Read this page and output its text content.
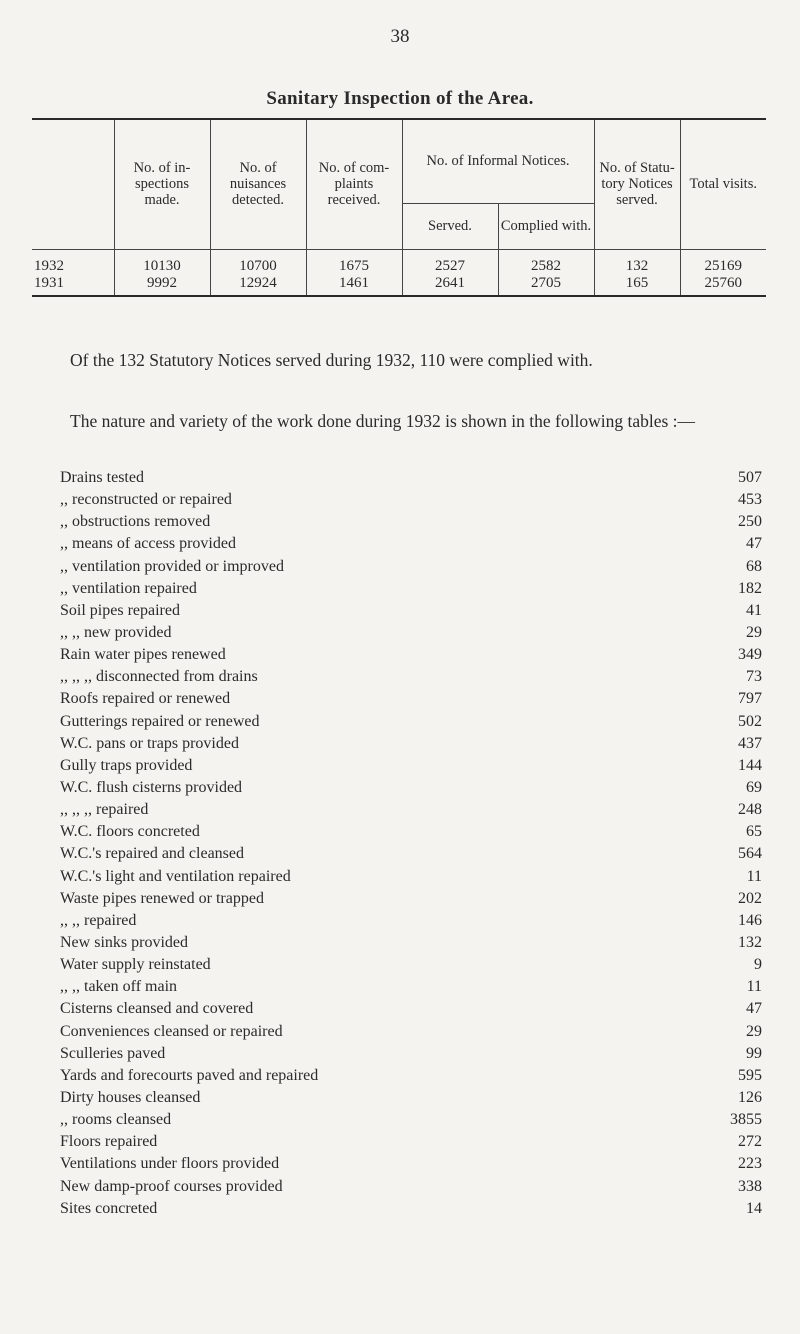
38
Sanitary Inspection of the Area.
	No. of in-spections made.	No. of nuisances detected.	No. of com-plaints received.	No. of Informal Notices.		No. of Statu-tory Notices served.	Total visits.
				Served.	Complied with.		
1932	10130	10700	1675	2527	2582	132	25169
1931	9992	12924	1461	2641	2705	165	25760

Of the 132 Statutory Notices served during 1932, 110 were complied with.

The nature and variety of the work done during 1932 is shown in the following tables :—

Drains tested	507
,, reconstructed or repaired	453
,, obstructions removed	250
,, means of access provided	47
,, ventilation provided or improved	68
,, ventilation repaired	182
Soil pipes repaired	41
,, ,, new provided	29
Rain water pipes renewed	349
,, ,, ,, disconnected from drains	73
Roofs repaired or renewed	797
Gutterings repaired or renewed	502
W.C. pans or traps provided	437
Gully traps provided	144
W.C. flush cisterns provided	69
,, ,, ,, repaired	248
W.C. floors concreted	65
W.C.'s repaired and cleansed	564
W.C.'s light and ventilation repaired	11
Waste pipes renewed or trapped	202
,, ,, repaired	146
New sinks provided	132
Water supply reinstated	9
,, ,, taken off main	11
Cisterns cleansed and covered	47
Conveniences cleansed or repaired	29
Sculleries paved	99
Yards and forecourts paved and repaired	595
Dirty houses cleansed	126
,, rooms cleansed	3855
Floors repaired	272
Ventilations under floors provided	223
New damp-proof courses provided	338
Sites concreted	14
